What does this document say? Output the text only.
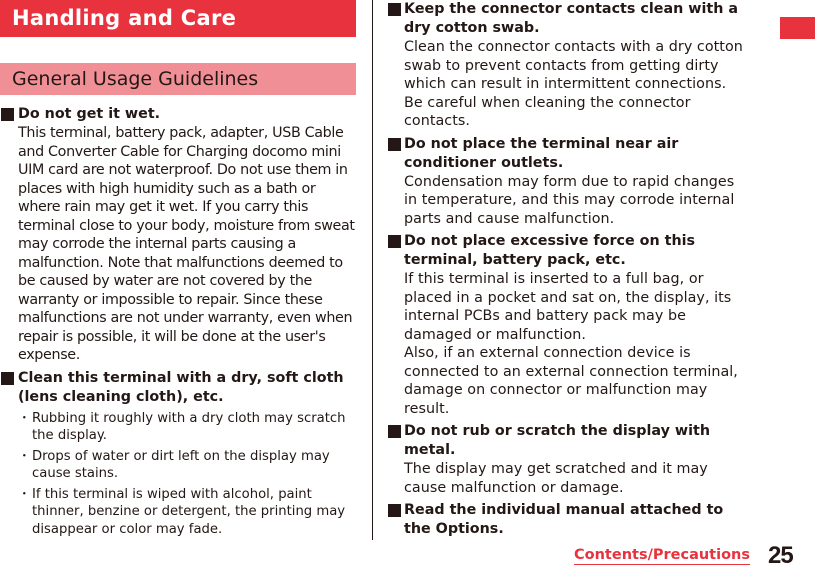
Handling and Care
General Usage Guidelines
Do not get it wet.
This terminal, battery pack, adapter, USB Cable and Converter Cable for Charging docomo mini UIM card are not waterproof. Do not use them in places with high humidity such as a bath or where rain may get it wet. If you carry this terminal close to your body, moisture from sweat may corrode the internal parts causing a malfunction. Note that malfunctions deemed to be caused by water are not covered by the warranty or impossible to repair. Since these malfunctions are not under warranty, even when repair is possible, it will be done at the user's expense.
Clean this terminal with a dry, soft cloth (lens cleaning cloth), etc.
･ Rubbing it roughly with a dry cloth may scratch the display.
･ Drops of water or dirt left on the display may cause stains.
･ If this terminal is wiped with alcohol, paint thinner, benzine or detergent, the printing may disappear or color may fade.
Keep the connector contacts clean with a dry cotton swab.
Clean the connector contacts with a dry cotton swab to prevent contacts from getting dirty which can result in intermittent connections.
Be careful when cleaning the connector contacts.
Do not place the terminal near air conditioner outlets.
Condensation may form due to rapid changes in temperature, and this may corrode internal parts and cause malfunction.
Do not place excessive force on this terminal, battery pack, etc.
If this terminal is inserted to a full bag, or placed in a pocket and sat on, the display, its internal PCBs and battery pack may be damaged or malfunction.
Also, if an external connection device is connected to an external connection terminal, damage on connector or malfunction may result.
Do not rub or scratch the display with metal.
The display may get scratched and it may cause malfunction or damage.
Read the individual manual attached to the Options.
Contents/Precautions 25
